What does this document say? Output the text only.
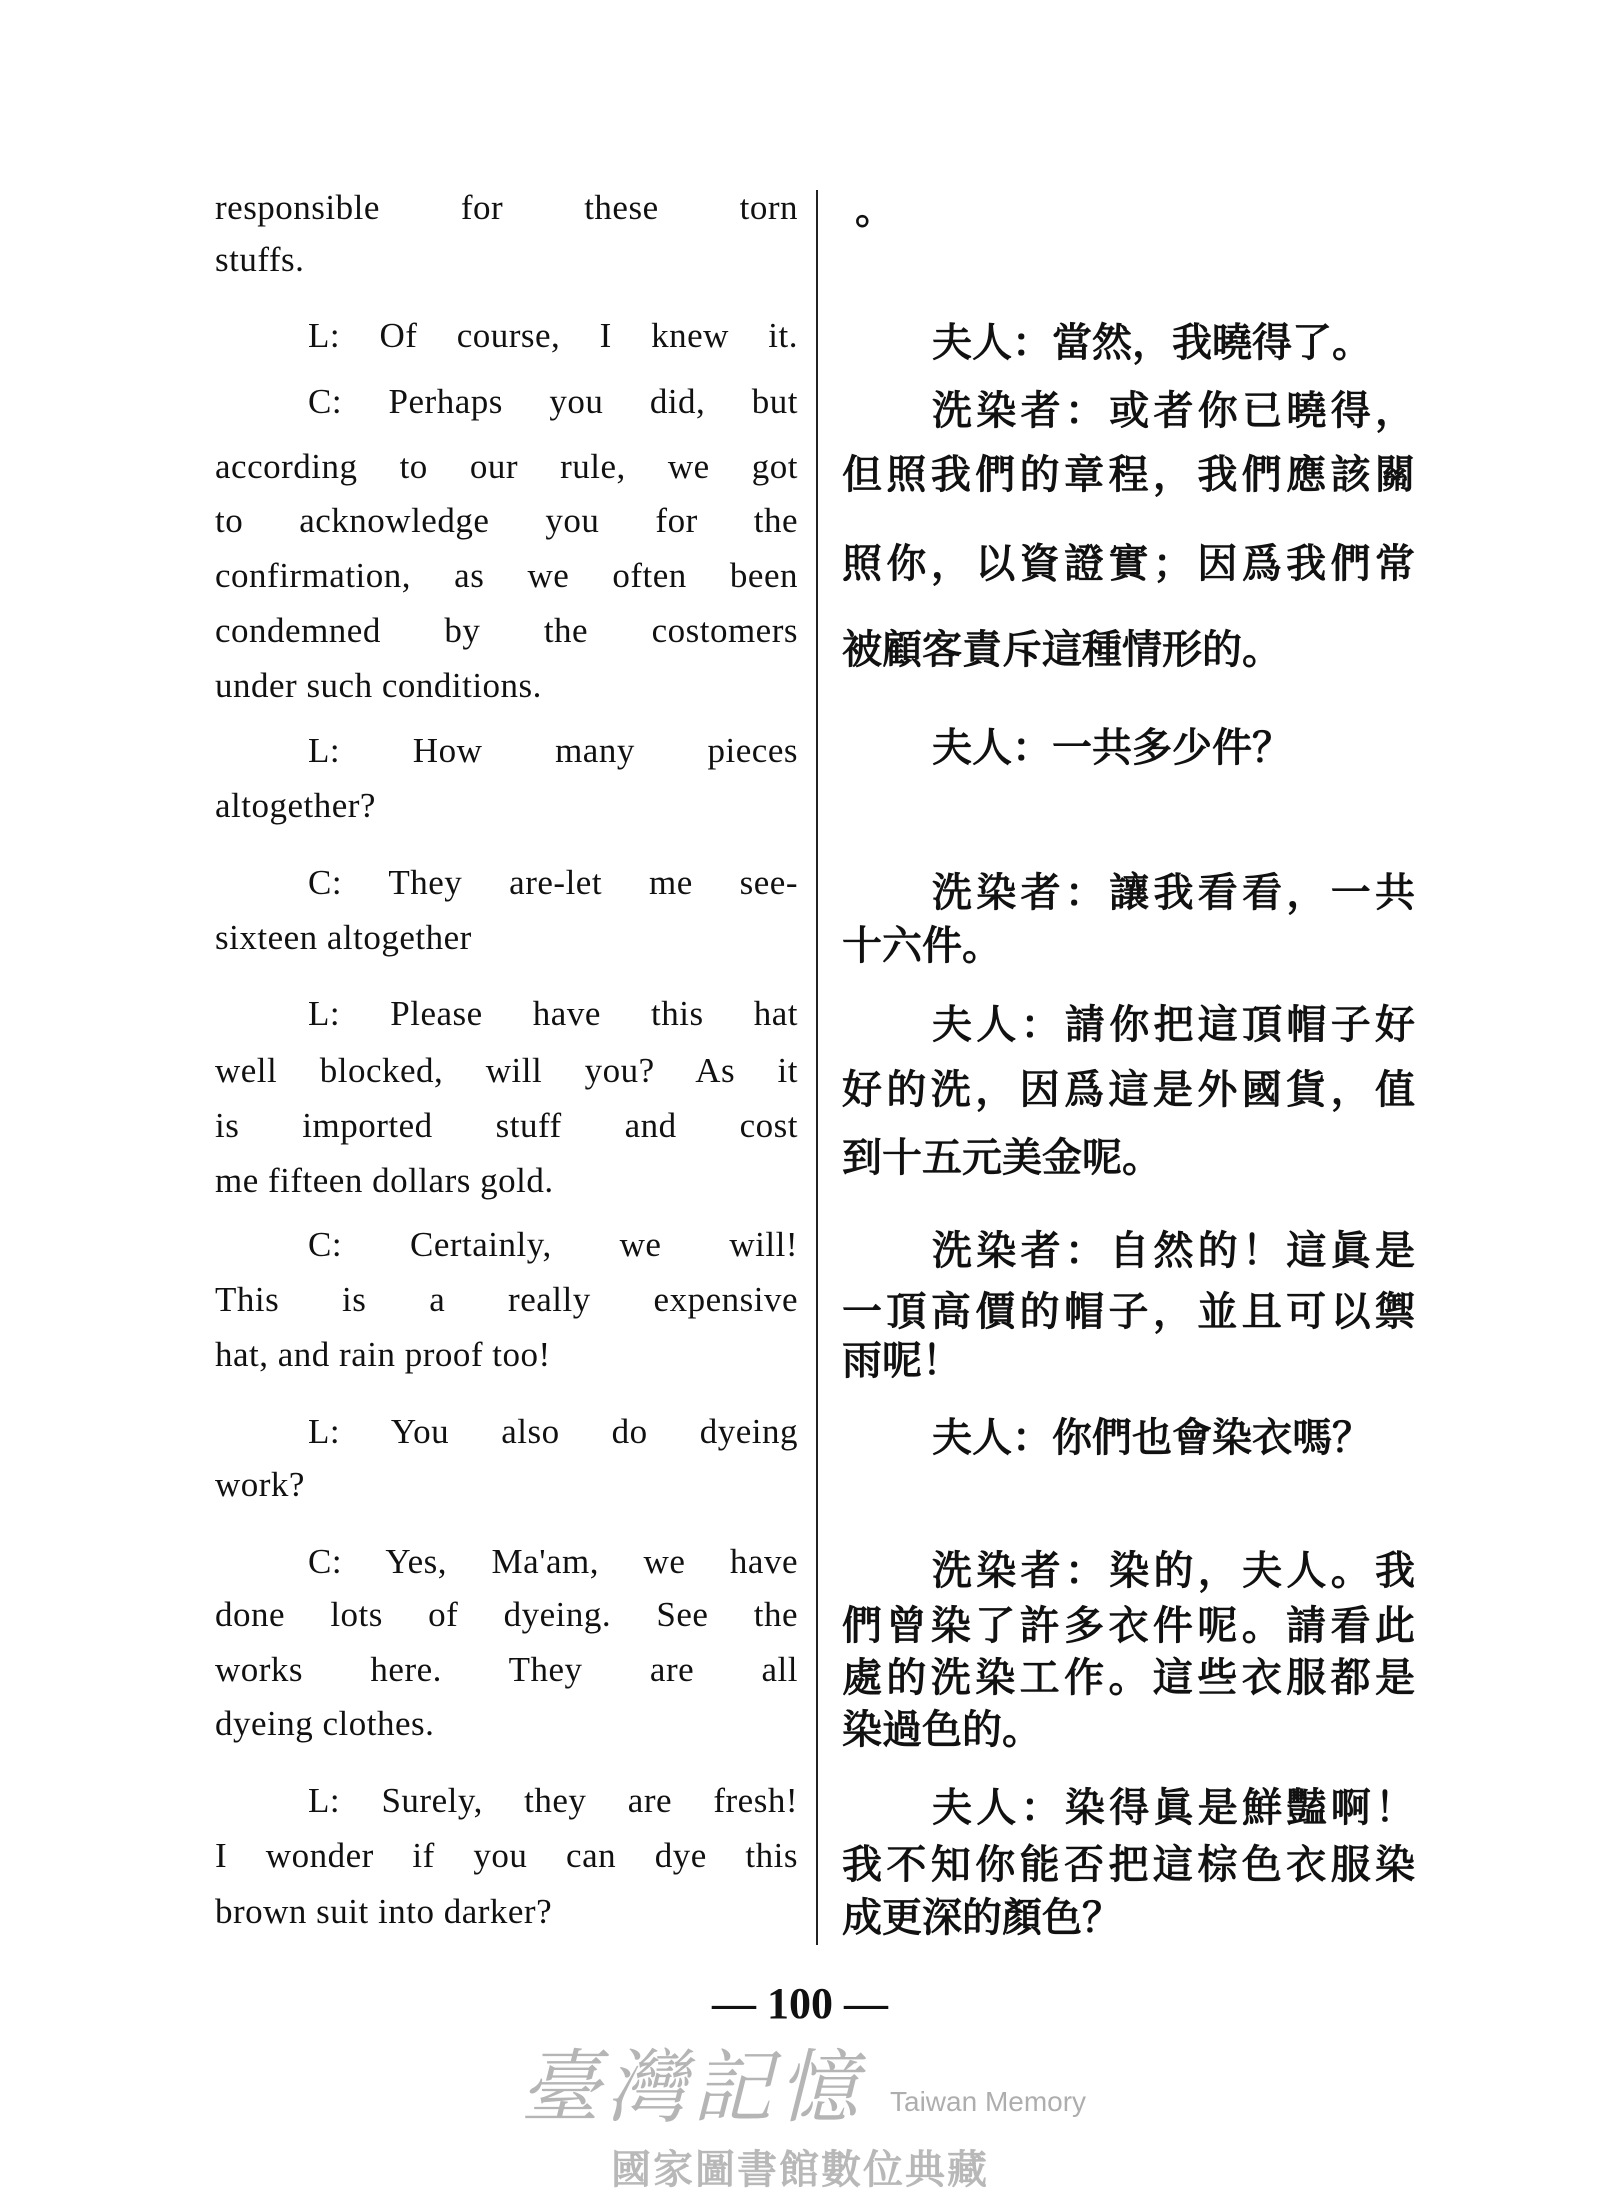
responsible for these torn
stuffs.
L: Of course, I knew it.
C: Perhaps you did, but
according to our rule, we got
to acknowledge you for the
confirmation, as we often been
condemned by the costomers
under such conditions.
L: How many pieces
altogether?
C: They are-let me see-
sixteen altogether
L: Please have this hat
well blocked, will you? As it
is imported stuff and cost
me fifteen dollars gold.
C: Certainly, we will!
This is a really expensive
hat, and rain proof too!
L: You also do dyeing
work?
C: Yes, Ma'am, we have
done lots of dyeing. See the
works here. They are all
dyeing clothes.
L: Surely, they are fresh!
I wonder if you can dye this
brown suit into darker?
。
夫人：當然，我曉得了。
洗染者：或者你已曉得，
但照我們的章程，我們應該關
照你，以資證實；因爲我們常
被顧客責斥這種情形的。
夫人：一共多少件？
洗染者：讓我看看，一共
十六件。
夫人：請你把這頂帽子好
好的洗，因爲這是外國貨，值
到十五元美金呢。
洗染者：自然的！這眞是
一頂高價的帽子，並且可以禦
雨呢！
夫人：你們也會染衣嗎？
洗染者：染的，夫人。我
們曾染了許多衣件呢。請看此
處的洗染工作。這些衣服都是
染過色的。
夫人：染得眞是鮮豔啊！
我不知你能否把這棕色衣服染
成更深的顏色？
— 100 —
臺灣記憶 Taiwan Memory
國家圖書館數位典藏
